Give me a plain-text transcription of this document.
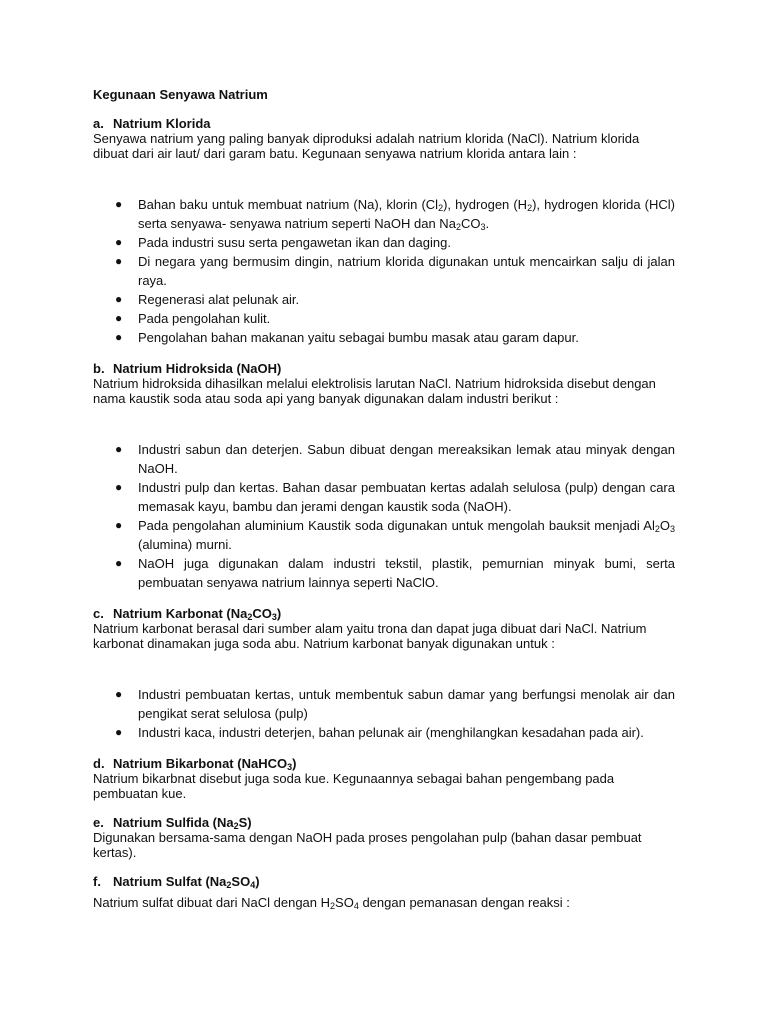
Kegunaan Senyawa Natrium
a. Natrium Klorida

Senyawa natrium yang paling banyak diproduksi adalah natrium klorida (NaCl). Natrium klorida dibuat dari air laut/ dari garam batu. Kegunaan senyawa natrium klorida antara lain :

● Bahan baku untuk membuat natrium (Na), klorin $(Cl_2)$, hydrogen $(H_2)$, hydrogen klorida (HCl) serta senyawa- senyawa natrium seperti NaOH dan $Na_2CO_3$.
● Pada industri susu serta pengawetan ikan dan daging.
● Di negara yang bermusim dingin, natrium klorida digunakan untuk mencairkan salju di jalan raya.
● Regenerasi alat pelunak air.
● Pada pengolahan kulit.
● Pengolahan bahan makanan yaitu sebagai bumbu masak atau garam dapur.
b. Natrium Hidroksida (NaOH)

Natrium hidroksida dihasilkan melalui elektrolisis larutan NaCl. Natrium hidroksida disebut dengan nama kaustik soda atau soda api yang banyak digunakan dalam industri berikut :

● Industri sabun dan deterjen. Sabun dibuat dengan mereaksikan lemak atau minyak dengan NaOH.
● Industri pulp dan kertas. Bahan dasar pembuatan kertas adalah selulosa (pulp) dengan cara memasak kayu, bambu dan jerami dengan kaustik soda (NaOH).
● Pada pengolahan aluminium Kaustik soda digunakan untuk mengolah bauksit menjadi $Al_2O_3$ (alumina) murni.
● NaOH juga digunakan dalam industri tekstil, plastik, pemurnian minyak bumi, serta pembuatan senyawa natrium lainnya seperti NaClO.
c. Natrium Karbonat $(Na_2CO_3)$

Natrium karbonat berasal dari sumber alam yaitu trona dan dapat juga dibuat dari NaCl. Natrium karbonat dinamakan juga soda abu. Natrium karbonat banyak digunakan untuk :

● Industri pembuatan kertas, untuk membentuk sabun damar yang berfungsi menolak air dan pengikat serat selulosa (pulp)
● Industri kaca, industri deterjen, bahan pelunak air (menghilangkan kesadahan pada air).
d. Natrium Bikarbonat (NaHCO$_3$)

Natrium bikarbnat disebut juga soda kue. Kegunaannya sebagai bahan pengembang pada pembuatan kue.

e. Natrium Sulfida $(Na_2S)$

Digunakan bersama-sama dengan NaOH pada proses pengolahan pulp (bahan dasar pembuat kertas).

f. Natrium Sulfat $(Na_2SO_4)$

Natrium sulfat dibuat dari NaCl dengan $H_2SO_4$ dengan pemanasan dengan reaksi :
